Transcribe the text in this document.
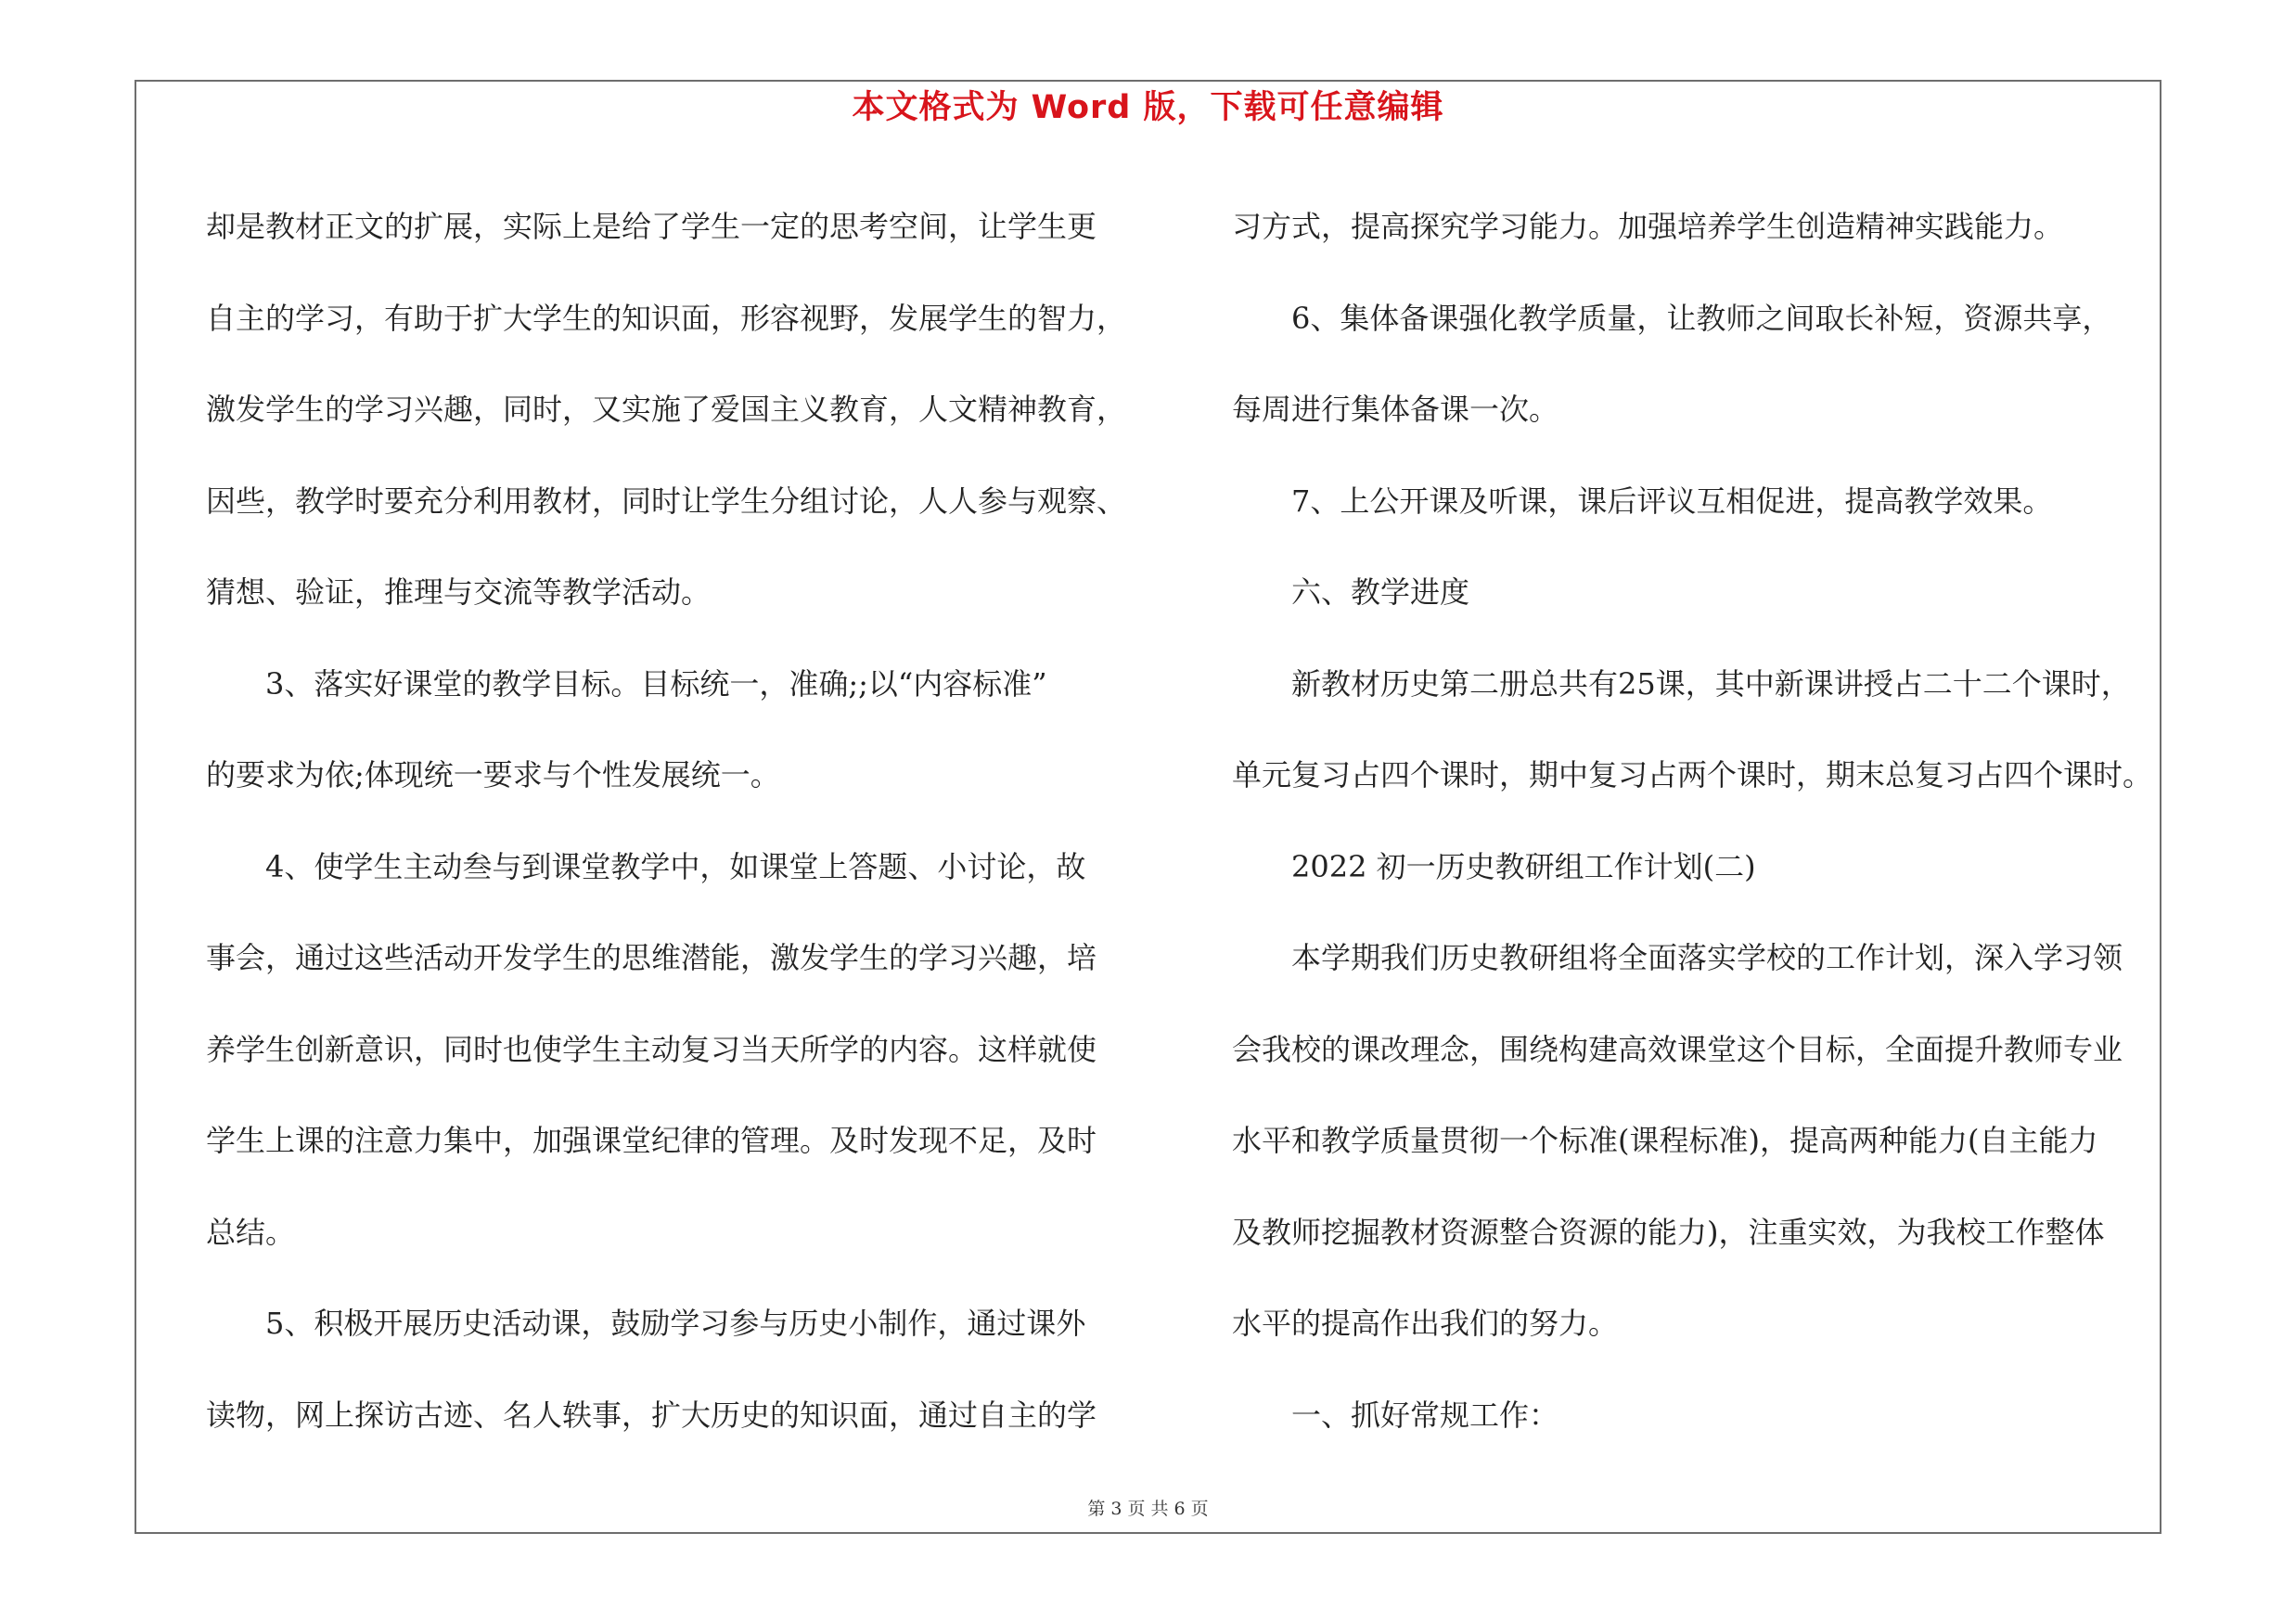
本文格式为 Word 版，下载可任意编辑
却是教材正文的扩展，实际上是给了学生一定的思考空间，让学生更
自主的学习，有助于扩大学生的知识面，形容视野，发展学生的智力，
激发学生的学习兴趣，同时，又实施了爱国主义教育，人文精神教育，
因些，教学时要充分利用教材，同时让学生分组讨论，人人参与观察、
猜想、验证，推理与交流等教学活动。
3、落实好课堂的教学目标。目标统一，准确;;以“内容标准”
的要求为依;体现统一要求与个性发展统一。
4、使学生主动叁与到课堂教学中，如课堂上答题、小讨论，故
事会，通过这些活动开发学生的思维潜能，激发学生的学习兴趣，培
养学生创新意识，同时也使学生主动复习当天所学的内容。这样就使
学生上课的注意力集中，加强课堂纪律的管理。及时发现不足，及时
总结。
5、积极开展历史活动课，鼓励学习参与历史小制作，通过课外
读物，网上探访古迹、名人轶事，扩大历史的知识面，通过自主的学
习方式，提高探究学习能力。加强培养学生创造精神实践能力。
6、集体备课强化教学质量，让教师之间取长补短，资源共享，
每周进行集体备课一次。
7、上公开课及听课，课后评议互相促进，提高教学效果。
六、教学进度
新教材历史第二册总共有25课，其中新课讲授占二十二个课时，
单元复习占四个课时，期中复习占两个课时，期末总复习占四个课时。
2022 初一历史教研组工作计划(二)
本学期我们历史教研组将全面落实学校的工作计划，深入学习领
会我校的课改理念，围绕构建高效课堂这个目标，全面提升教师专业
水平和教学质量贯彻一个标准(课程标准)，提高两种能力(自主能力
及教师挖掘教材资源整合资源的能力)，注重实效，为我校工作整体
水平的提高作出我们的努力。
一、抓好常规工作：
第 3 页 共 6 页
